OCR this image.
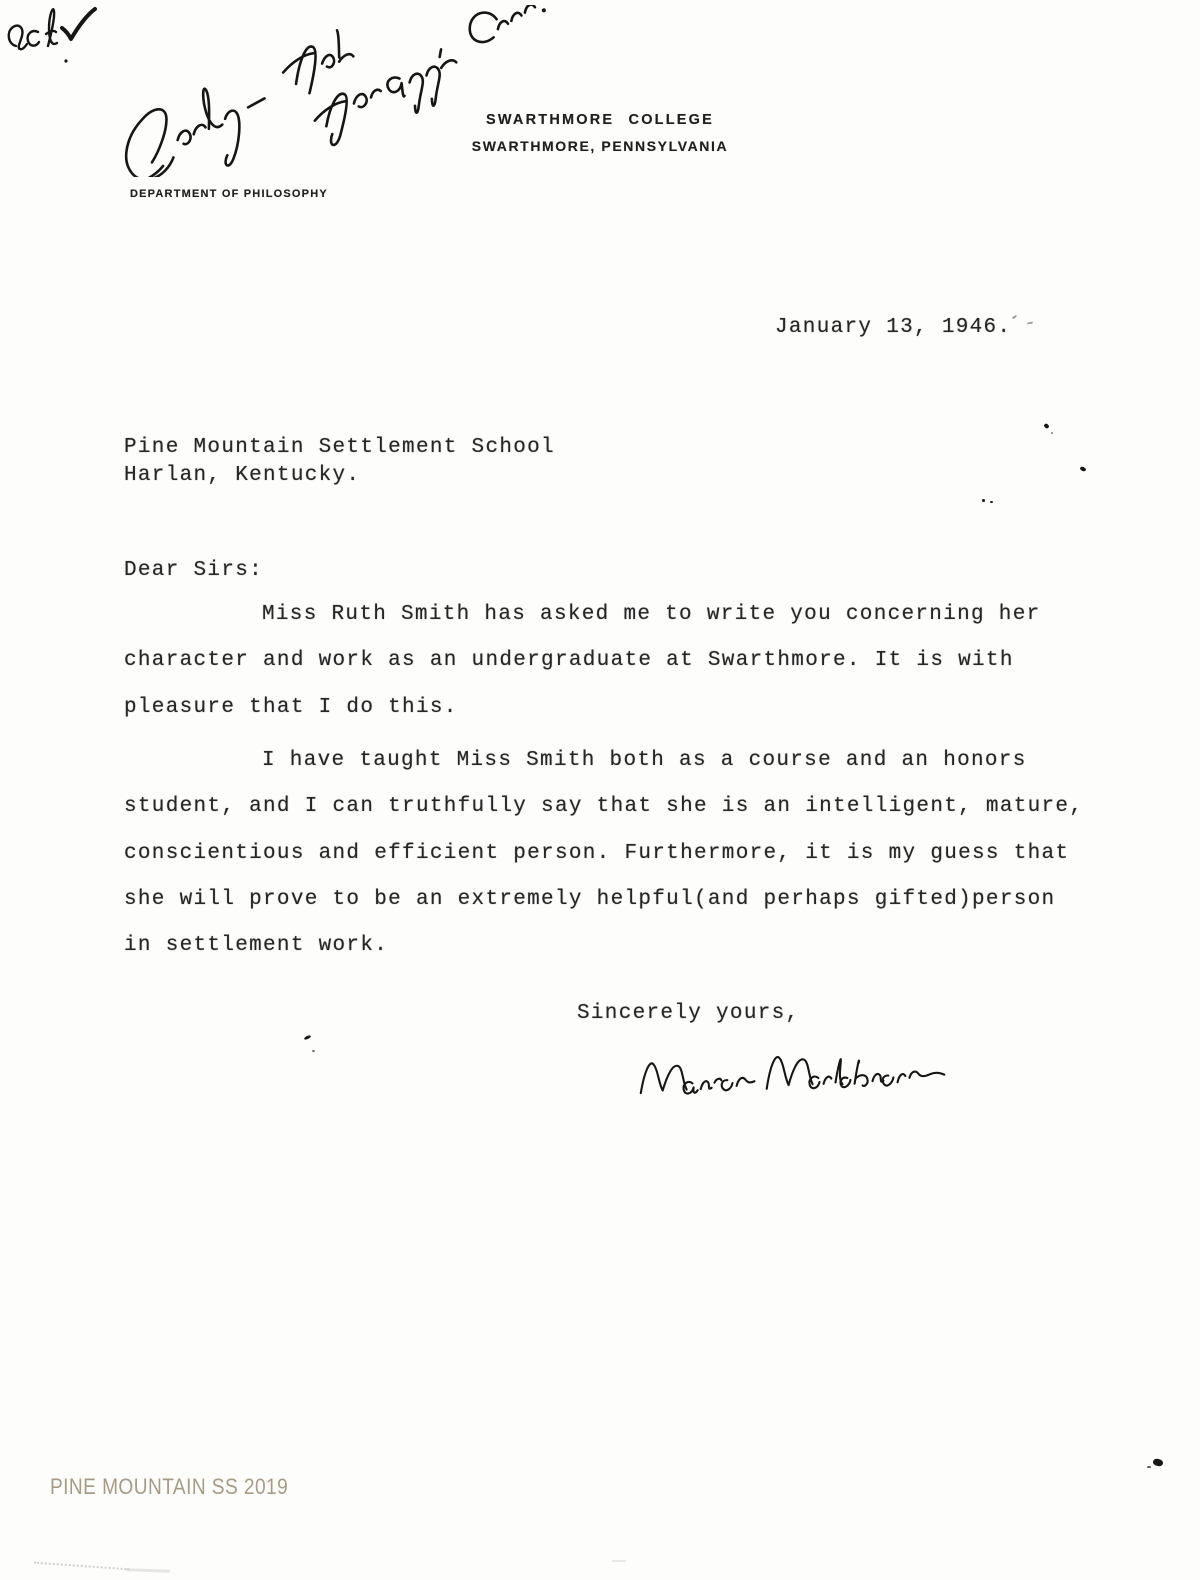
SWARTHMORE COLLEGE
SWARTHMORE, PENNSYLVANIA
DEPARTMENT OF PHILOSOPHY
January 13, 1946.
Pine Mountain Settlement School
Harlan, Kentucky.
Dear Sirs:
Miss Ruth Smith has asked me to write you concerning her
character and work as an undergraduate at Swarthmore. It is with
pleasure that I do this.
I have taught Miss Smith both as a course and an honors
student, and I can truthfully say that she is an intelligent, mature,
conscientious and efficient person. Furthermore, it is my guess that
she will prove to be an extremely helpful(and perhaps gifted)person
in settlement work.
Sincerely yours,
PINE MOUNTAIN SS 2019
